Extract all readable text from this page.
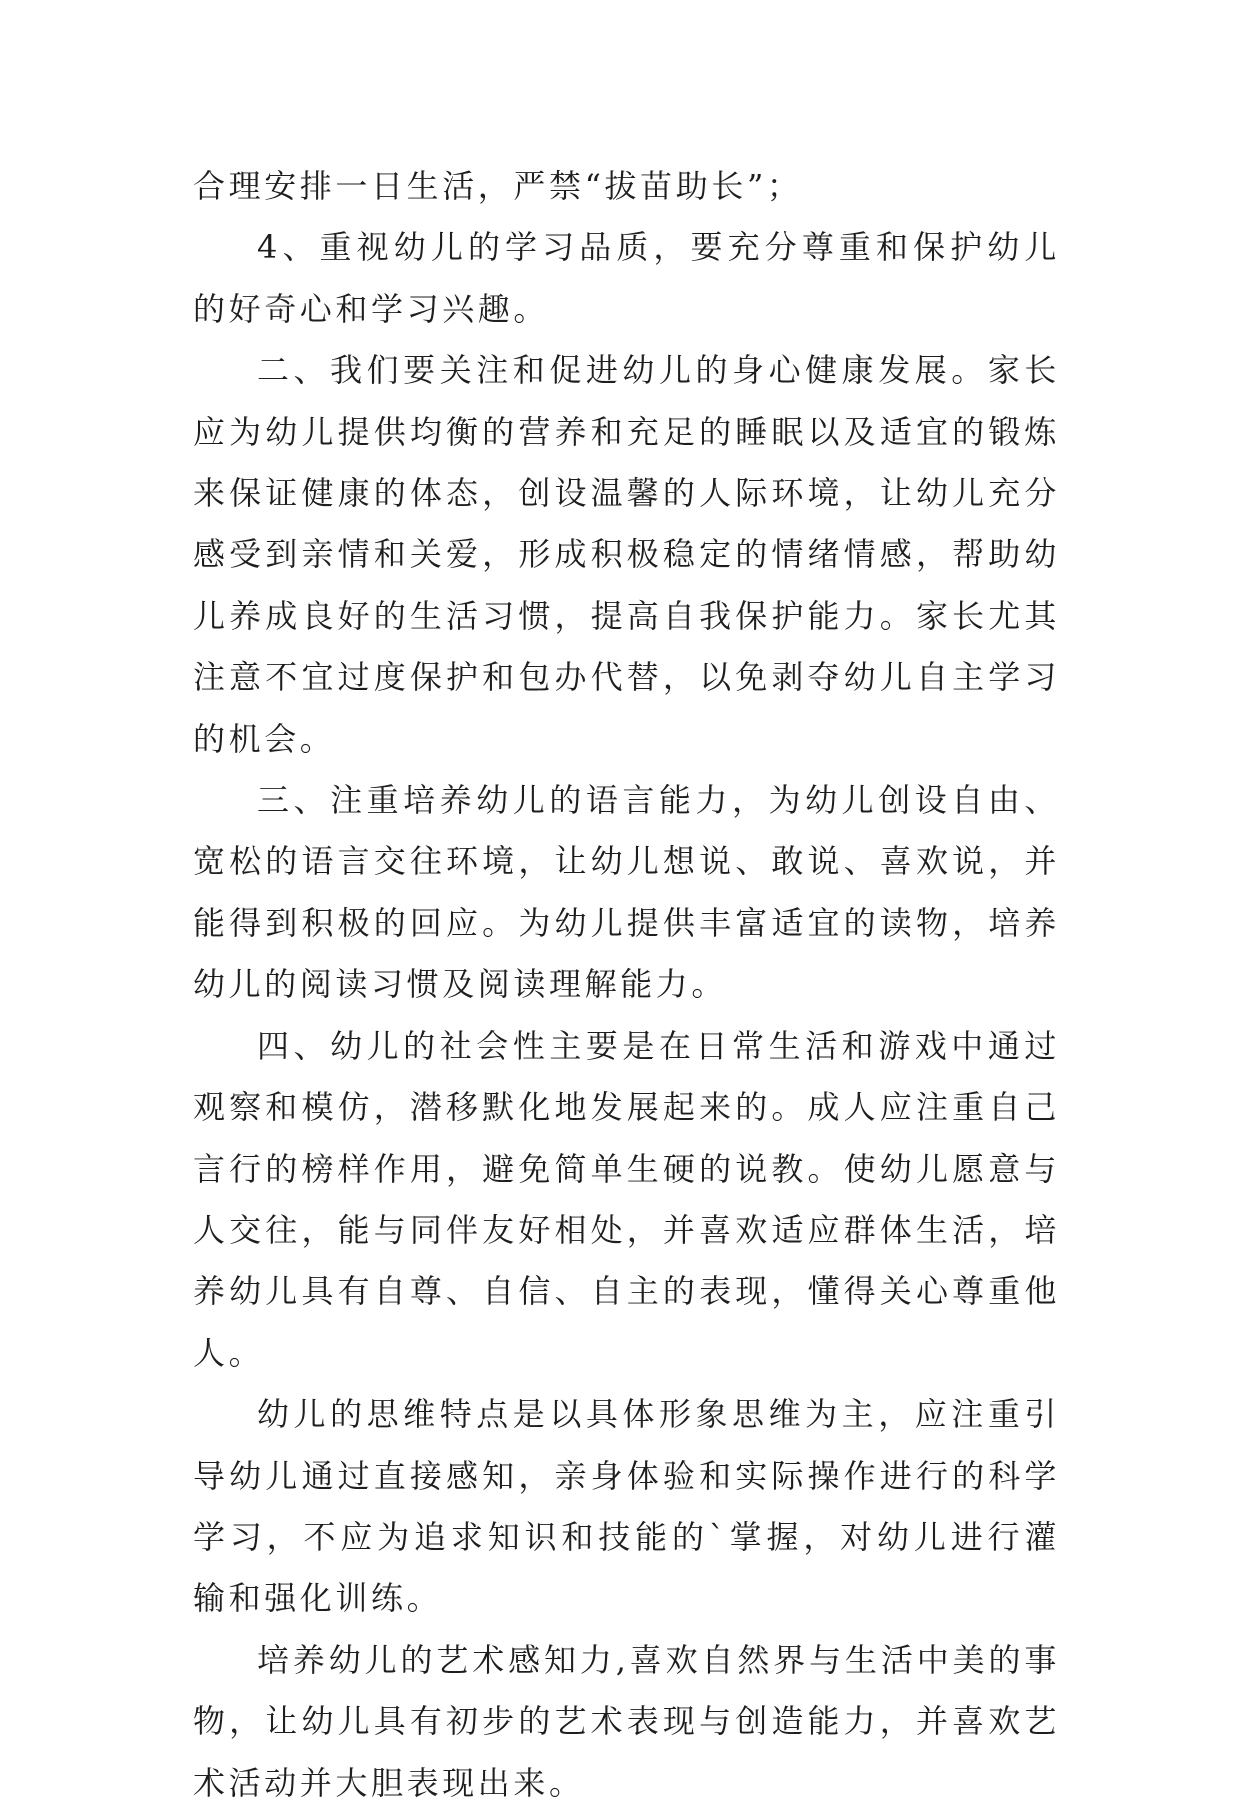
合理安排一日生活，严禁“拔苗助长”；

4、重视幼儿的学习品质，要充分尊重和保护幼儿的好奇心和学习兴趣。

二、我们要关注和促进幼儿的身心健康发展。家长应为幼儿提供均衡的营养和充足的睡眠以及适宜的锻炼来保证健康的体态，创设温馨的人际环境，让幼儿充分感受到亲情和关爱，形成积极稳定的情绪情感，帮助幼儿养成良好的生活习惯，提高自我保护能力。家长尤其注意不宜过度保护和包办代替，以免剥夺幼儿自主学习的机会。

三、注重培养幼儿的语言能力，为幼儿创设自由、宽松的语言交往环境，让幼儿想说、敢说、喜欢说，并能得到积极的回应。为幼儿提供丰富适宜的读物，培养幼儿的阅读习惯及阅读理解能力。

四、幼儿的社会性主要是在日常生活和游戏中通过观察和模仿，潜移默化地发展起来的。成人应注重自己言行的榜样作用，避免简单生硬的说教。使幼儿愿意与人交往，能与同伴友好相处，并喜欢适应群体生活，培养幼儿具有自尊、自信、自主的表现，懂得关心尊重他人。

幼儿的思维特点是以具体形象思维为主，应注重引导幼儿通过直接感知，亲身体验和实际操作进行的科学学习，不应为追求知识和技能的`掌握，对幼儿进行灌输和强化训练。

培养幼儿的艺术感知力,喜欢自然界与生活中美的事物，让幼儿具有初步的艺术表现与创造能力，并喜欢艺术活动并大胆表现出来。
